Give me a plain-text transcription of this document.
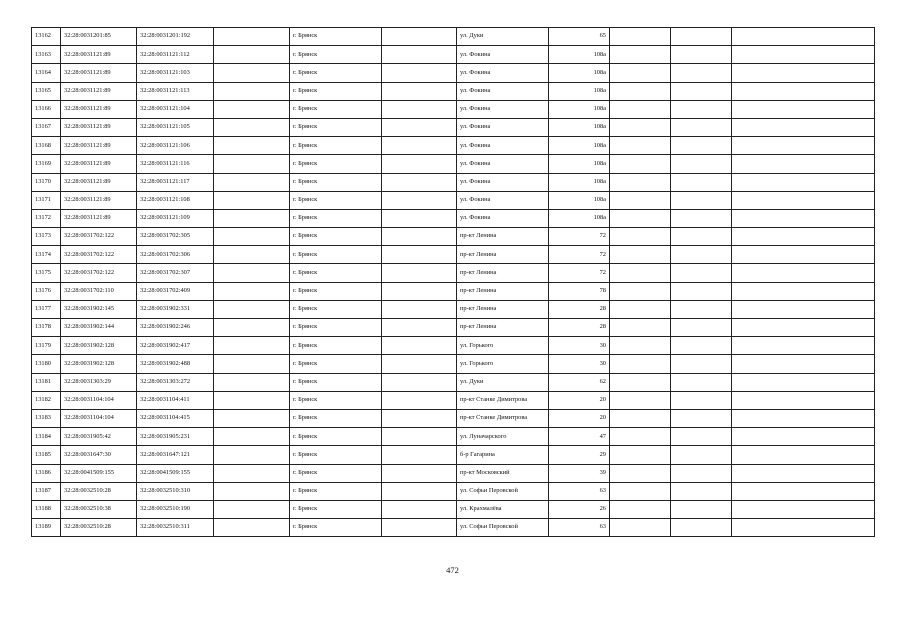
13162	32:28:0031201:85	32:28:0031201:192		г. Брянск		ул. Дуки	65			
13163	32:28:0031121:89	32:28:0031121:112		г. Брянск		ул. Фокина	108а			
13164	32:28:0031121:89	32:28:0031121:103		г. Брянск		ул. Фокина	108а			
13165	32:28:0031121:89	32:28:0031121:113		г. Брянск		ул. Фокина	108а			
13166	32:28:0031121:89	32:28:0031121:104		г. Брянск		ул. Фокина	108а			
13167	32:28:0031121:89	32:28:0031121:105		г. Брянск		ул. Фокина	108а			
13168	32:28:0031121:89	32:28:0031121:106		г. Брянск		ул. Фокина	108а			
13169	32:28:0031121:89	32:28:0031121:116		г. Брянск		ул. Фокина	108а			
13170	32:28:0031121:89	32:28:0031121:117		г. Брянск		ул. Фокина	108а			
13171	32:28:0031121:89	32:28:0031121:108		г. Брянск		ул. Фокина	108а			
13172	32:28:0031121:89	32:28:0031121:109		г. Брянск		ул. Фокина	108а			
13173	32:28:0031702:122	32:28:0031702:305		г. Брянск		пр-кт Ленина	72			
13174	32:28:0031702:122	32:28:0031702:306		г. Брянск		пр-кт Ленина	72			
13175	32:28:0031702:122	32:28:0031702:307		г. Брянск		пр-кт Ленина	72			
13176	32:28:0031702:110	32:28:0031702:409		г. Брянск		пр-кт Ленина	78			
13177	32:28:0031902:145	32:28:0031902:331		г. Брянск		пр-кт Ленина	28			
13178	32:28:0031902:144	32:28:0031902:246		г. Брянск		пр-кт Ленина	28			
13179	32:28:0031902:128	32:28:0031902:417		г. Брянск		ул. Горького	30			
13180	32:28:0031902:128	32:28:0031902:488		г. Брянск		ул. Горького	30			
13181	32:28:0031303:29	32:28:0031303:272		г. Брянск		ул. Дуки	62			
13182	32:28:0031104:104	32:28:0031104:411		г. Брянск		пр-кт Станке Димитрова	20			
13183	32:28:0031104:104	32:28:0031104:415		г. Брянск		пр-кт Станке Димитрова	20			
13184	32:28:0031905:42	32:28:0031905:231		г. Брянск		ул. Луначарского	47			
13185	32:28:0031647:30	32:28:0031647:121		г. Брянск		б-р Гагарина	29			
13186	32:28:0041509:155	32:28:0041509:155		г. Брянск		пр-кт Московский	39			
13187	32:28:0032510:28	32:28:0032510:310		г. Брянск		ул. Софьи Перовской	63			
13188	32:28:0032510:38	32:28:0032510:190		г. Брянск		ул. Крахмалёва	26			
13189	32:28:0032510:28	32:28:0032510:311		г. Брянск		ул. Софьи Перовской	63			
472
